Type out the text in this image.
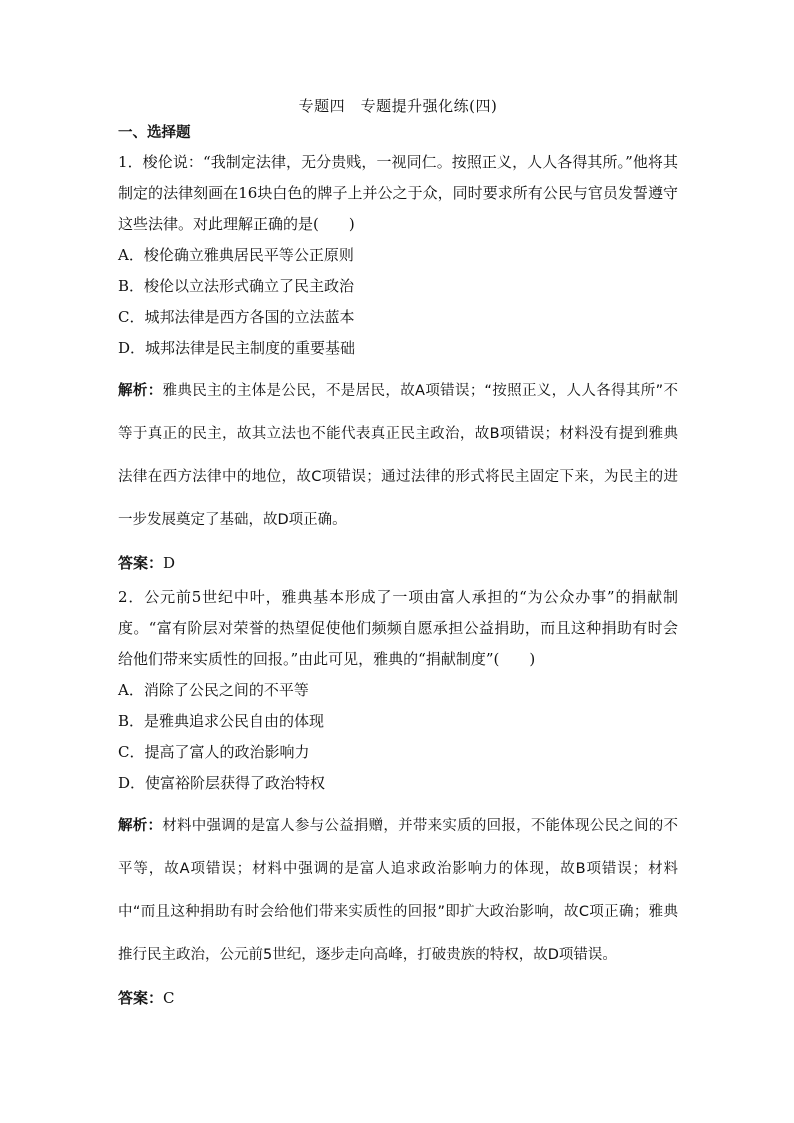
专题四　专题提升强化练(四)
一、选择题

1．梭伦说：“我制定法律，无分贵贱，一视同仁。按照正义，人人各得其所。”他将其制定的法律刻画在16块白色的牌子上并公之于众，同时要求所有公民与官员发誓遵守这些法律。对此理解正确的是(　　)

A．梭伦确立雅典居民平等公正原则

B．梭伦以立法形式确立了民主政治

C．城邦法律是西方各国的立法蓝本

D．城邦法律是民主制度的重要基础

解析：雅典民主的主体是公民，不是居民，故A项错误；“按照正义，人人各得其所”不等于真正的民主，故其立法也不能代表真正民主政治，故B项错误；材料没有提到雅典法律在西方法律中的地位，故C项错误；通过法律的形式将民主固定下来，为民主的进一步发展奠定了基础，故D项正确。

答案：D

2．公元前5世纪中叶，雅典基本形成了一项由富人承担的“为公众办事”的捐献制度。“富有阶层对荣誉的热望促使他们频频自愿承担公益捐助，而且这种捐助有时会给他们带来实质性的回报。”由此可见，雅典的“捐献制度”(　　)

A．消除了公民之间的不平等

B．是雅典追求公民自由的体现

C．提高了富人的政治影响力

D．使富裕阶层获得了政治特权

解析：材料中强调的是富人参与公益捐赠，并带来实质的回报，不能体现公民之间的不平等，故A项错误；材料中强调的是富人追求政治影响力的体现，故B项错误；材料中“而且这种捐助有时会给他们带来实质性的回报”即扩大政治影响，故C项正确；雅典推行民主政治，公元前5世纪，逐步走向高峰，打破贵族的特权，故D项错误。

答案：C
